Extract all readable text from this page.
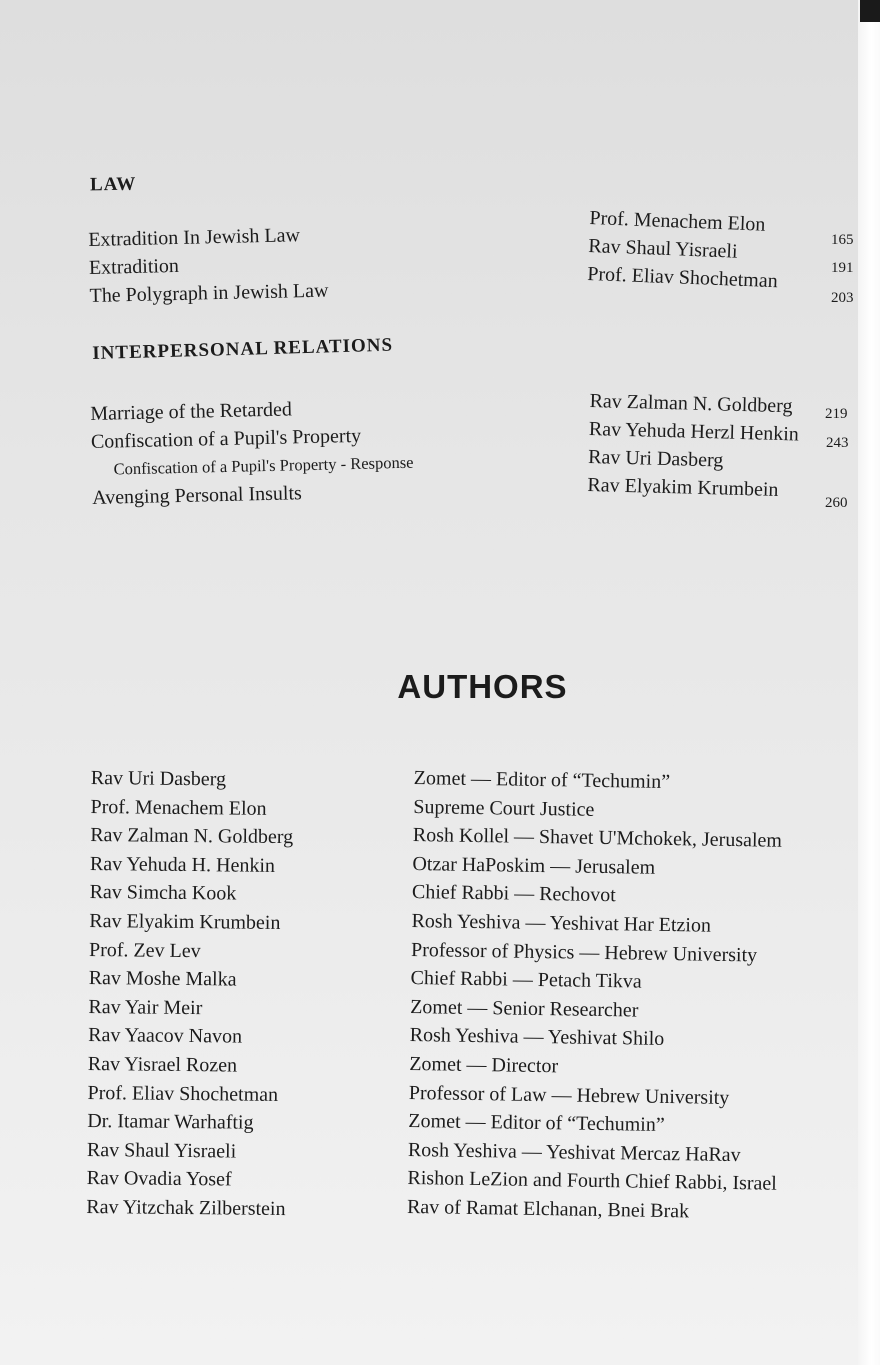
LAW
Extradition In Jewish Law
Extradition
The Polygraph in Jewish Law
Prof. Menachem Elon
Rav Shaul Yisraeli
Prof. Eliav Shochetman
165
191
203
INTERPERSONAL RELATIONS
Marriage of the Retarded
Confiscation of a Pupil's Property
Confiscation of a Pupil's Property - Response
Avenging Personal Insults
Rav Zalman N. Goldberg
Rav Yehuda Herzl Henkin
Rav Uri Dasberg
Rav Elyakim Krumbein
219
243
260
AUTHORS
Rav Uri Dasberg
Prof. Menachem Elon
Rav Zalman N. Goldberg
Rav Yehuda H. Henkin
Rav Simcha Kook
Rav Elyakim Krumbein
Prof. Zev Lev
Rav Moshe Malka
Rav Yair Meir
Rav Yaacov Navon
Rav Yisrael Rozen
Prof. Eliav Shochetman
Dr. Itamar Warhaftig
Rav Shaul Yisraeli
Rav Ovadia Yosef
Rav Yitzchak Zilberstein
Zomet — Editor of “Techumin”
Supreme Court Justice
Rosh Kollel — Shavet U'Mchokek, Jerusalem
Otzar HaPoskim — Jerusalem
Chief Rabbi — Rechovot
Rosh Yeshiva — Yeshivat Har Etzion
Professor of Physics — Hebrew University
Chief Rabbi — Petach Tikva
Zomet — Senior Researcher
Rosh Yeshiva — Yeshivat Shilo
Zomet — Director
Professor of Law — Hebrew University
Zomet — Editor of “Techumin”
Rosh Yeshiva — Yeshivat Mercaz HaRav
Rishon LeZion and Fourth Chief Rabbi, Israel
Rav of Ramat Elchanan, Bnei Brak
